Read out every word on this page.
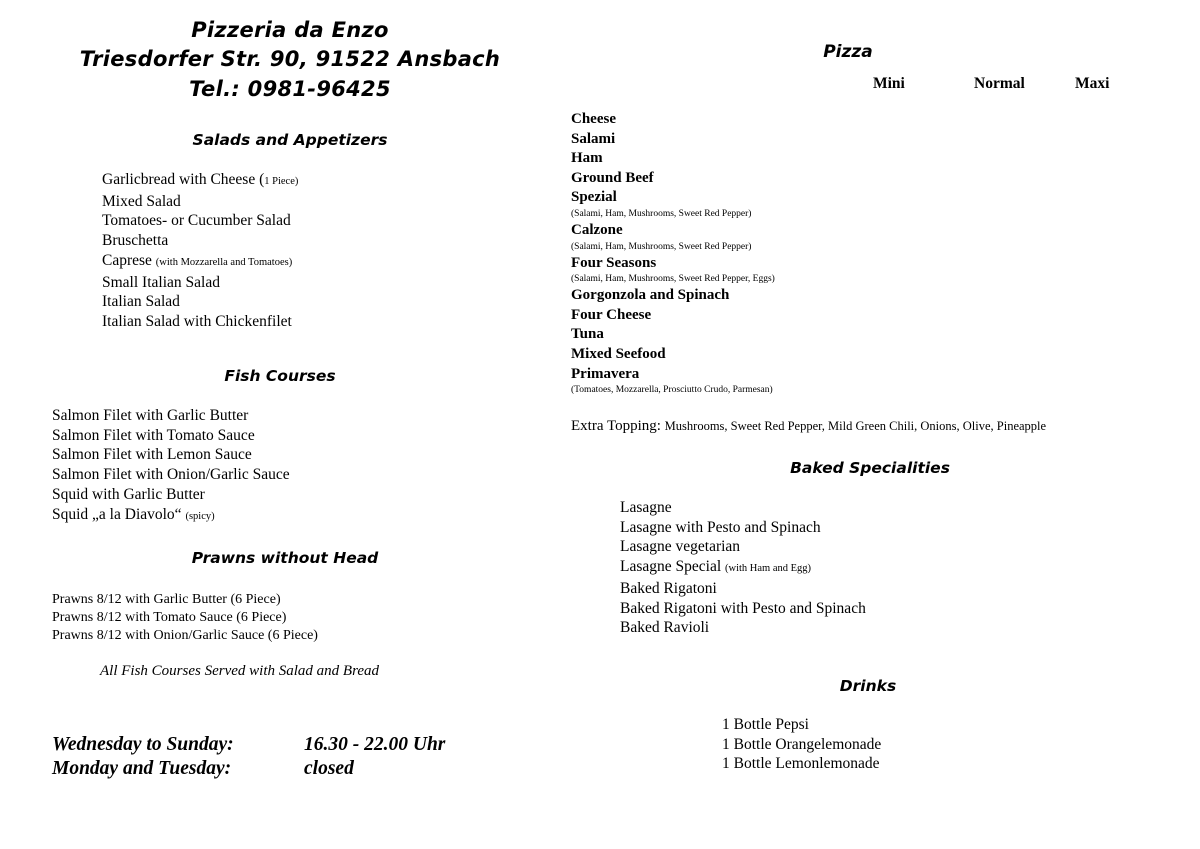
Pizzeria da Enzo
Triesdorfer Str. 90, 91522 Ansbach
Tel.: 0981-96425
Salads and Appetizers
Garlicbread with Cheese (1 Piece)
Mixed Salad
Tomatoes- or Cucumber Salad
Bruschetta
Caprese (with Mozzarella and Tomatoes)
Small Italian Salad
Italian Salad
Italian Salad with Chickenfilet
Fish Courses
Salmon Filet with Garlic Butter
Salmon Filet with Tomato Sauce
Salmon Filet with Lemon Sauce
Salmon Filet with Onion/Garlic Sauce
Squid with Garlic Butter
Squid „a la Diavolo“ (spicy)
Prawns without Head
Prawns 8/12 with Garlic Butter (6 Piece)
Prawns 8/12 with Tomato Sauce (6 Piece)
Prawns 8/12 with Onion/Garlic Sauce (6 Piece)
All Fish Courses Served with Salad and Bread
Wednesday to Sunday:	16.30 - 22.00 Uhr
Monday and Tuesday:	closed
Pizza
Mini	Normal	Maxi
Cheese
Salami
Ham
Ground Beef
Spezial
(Salami, Ham, Mushrooms, Sweet Red Pepper)
Calzone
(Salami, Ham, Mushrooms, Sweet Red Pepper)
Four Seasons
(Salami, Ham, Mushrooms, Sweet Red Pepper, Eggs)
Gorgonzola and Spinach
Four Cheese
Tuna
Mixed Seefood
Primavera
(Tomatoes, Mozzarella, Prosciutto Crudo, Parmesan)
Extra Topping: Mushrooms, Sweet Red Pepper, Mild Green Chili, Onions, Olive, Pineapple
Baked Specialities
Lasagne
Lasagne with Pesto and Spinach
Lasagne vegetarian
Lasagne Special (with Ham and Egg)
Baked Rigatoni
Baked Rigatoni with Pesto and Spinach
Baked Ravioli
Drinks
1 Bottle Pepsi
1 Bottle Orangelemonade
1 Bottle Lemonlemonade
